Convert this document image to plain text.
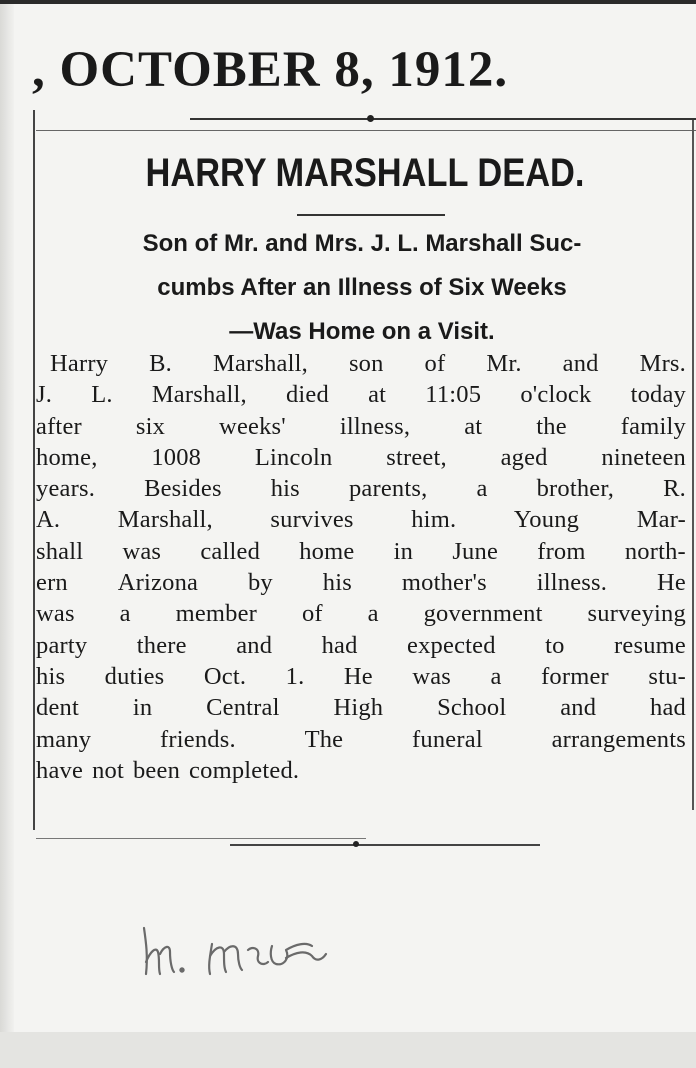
, OCTOBER 8, 1912.
HARRY MARSHALL DEAD.
Son of Mr. and Mrs. J. L. Marshall Suc-
cumbs After an Illness of Six Weeks
—Was Home on a Visit.
Harry B. Marshall, son of Mr. and Mrs.
J. L. Marshall, died at 11:05 o'clock today
after six weeks' illness, at the family
home, 1008 Lincoln street, aged nineteen
years. Besides his parents, a brother, R.
A. Marshall, survives him. Young Mar-
shall was called home in June from north-
ern Arizona by his mother's illness. He
was a member of a government surveying
party there and had expected to resume
his duties Oct. 1. He was a former stu-
dent in Central High School and had
many	friends.	The	funeral	arrangements
have not been completed.
